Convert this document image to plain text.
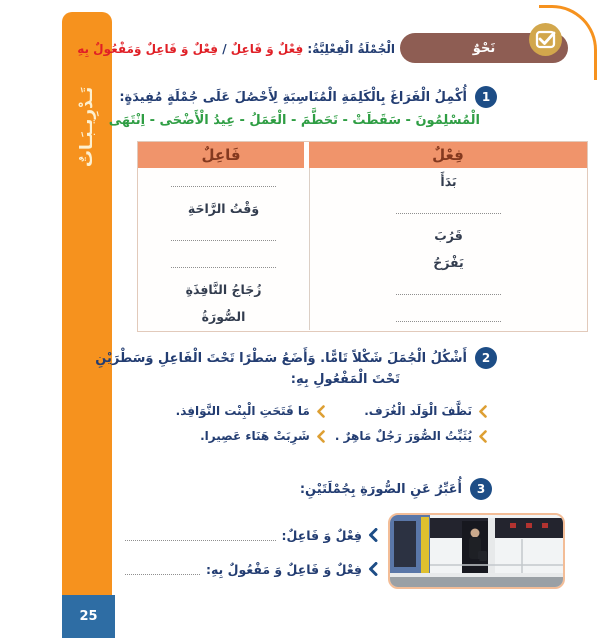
تَـدْرِيـبَـاتٌ
25
نَحْوٌ
الْجُمْلَةُ الْفِعْلِيَّةُ: فِعْلٌ وَ فَاعِلٌ / فِعْلٌ وَ فَاعِلٌ وَمَفْعُولٌ بِهِ
1
أُكْمِلُ الْفَرَاغَ بِالْكَلِمَةِ الْمُنَاسِبَةِ لِأَحْصُلَ عَلَى جُمْلَةٍ مُفِيدَةٍ:
الْمُسْلِمُونَ - سَقَطَتْ - تَحَطَّمَ - الْعَمَلُ - عِيدُ الْأَضْحَى - اِنْتَهَى
فِعْلٌ
فَاعِلٌ
بَدَأَ
وَقْتُ الرَّاحَةِ
قَرُبَ
يَفْرَحُ
زُجَاجُ النَّافِذَةِ
الصُّورَةُ
2
أَشْكُلُ الْجُمَلَ شَكْلاً تَامًّا. وَأَضَعُ سَطْرًا تَحْتَ الْفَاعِلِ وَسَطْرَيْنِ
تَحْتَ الْمَفْعُولِ بِهِ:
نَظَّفَ الْوَلَد الْغُرَف.
مَا فَتَحَتِ الْبِنْت النَّوَافِذ.
يُثَبِّتُ الصُّوَرَ رَجُلٌ مَاهِرٌ .
شَرِبَتْ هَنَاء عَصِيرا.
3
أُعَبِّرُ عَنِ الصُّورَةِ بِجُمْلَتَيْنِ:
فِعْلٌ وَ فَاعِلٌ:
فِعْلٌ وَ فَاعِلٌ وَ مَفْعُولٌ بِهِ:
